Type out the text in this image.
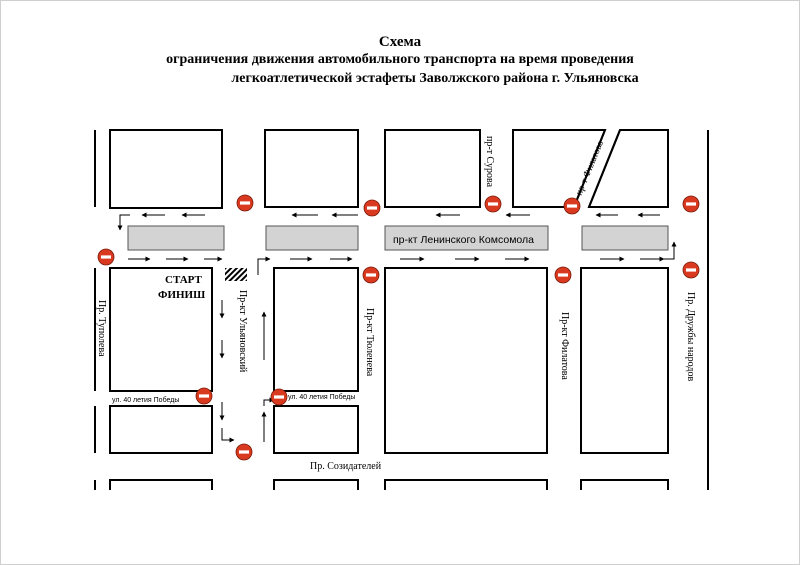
Схема
ограничения движения автомобильного транспорта на время проведения
легкоатлетической эстафеты Заволжского района г. Ульяновска
пр-кт Ленинского Комсомола
Пр. Туполева	Пр-кт Ульяновский	Пр-кт Тюленева	Пр-кт Филатова	Пр. Дружбы народов
пр-т Сурова	пр-т Филатова
ул. 40 летия Победы	ул. 40 летия Победы
Пр. Созидателей
СТАРТ
ФИНИШ
